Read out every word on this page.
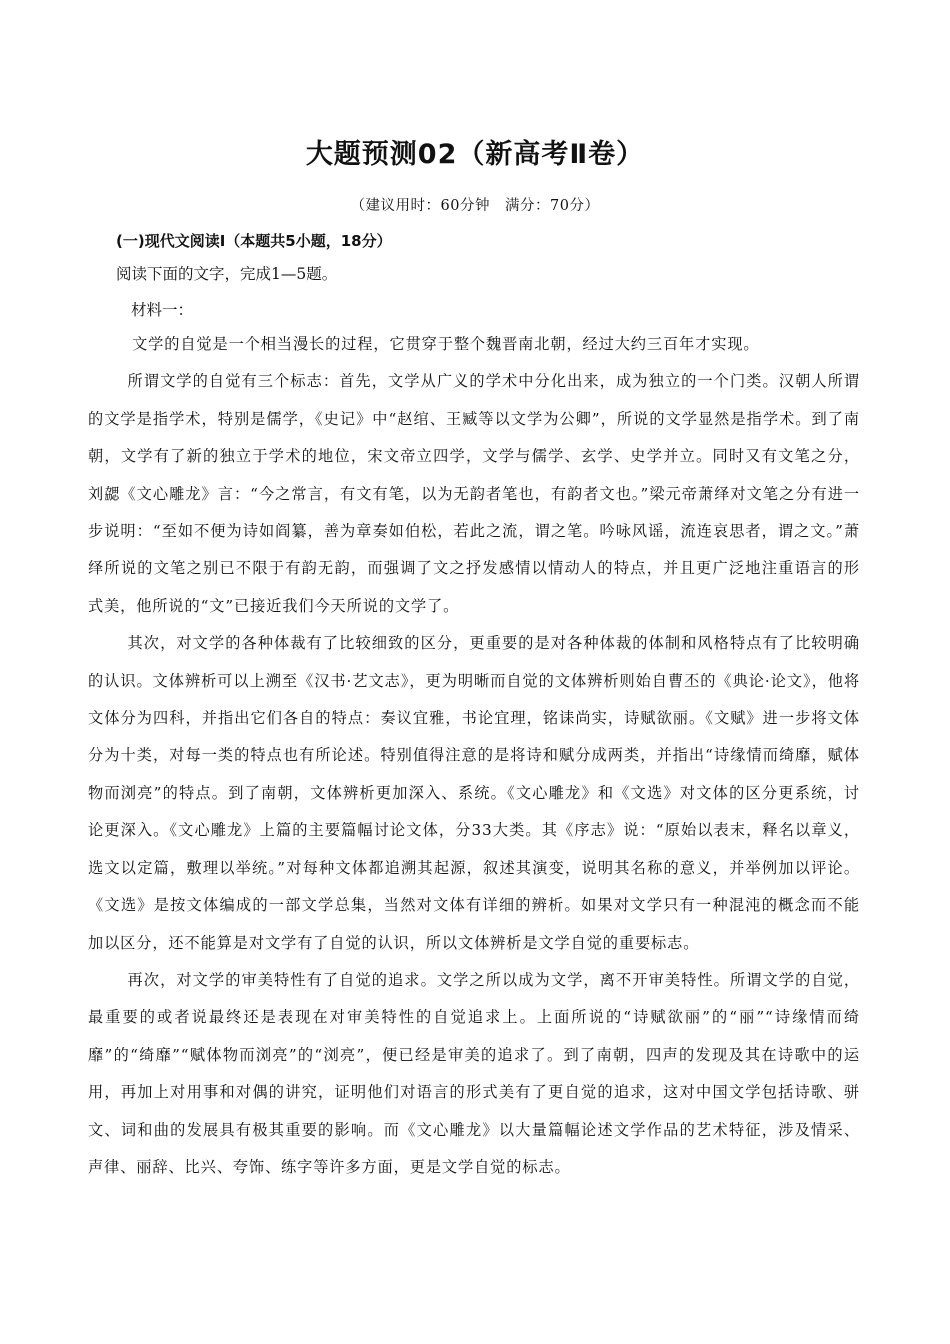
大题预测02（新高考Ⅱ卷）
（建议用时：60分钟　满分：70分）
(一)现代文阅读Ⅰ（本题共5小题，18分）
阅读下面的文字，完成1—5题。
材料一：

文学的自觉是一个相当漫长的过程，它贯穿于整个魏晋南北朝，经过大约三百年才实现。

所谓文学的自觉有三个标志：首先，文学从广义的学术中分化出来，成为独立的一个门类。汉朝人所谓的文学是指学术，特别是儒学，《史记》中“赵绾、王臧等以文学为公卿”，所说的文学显然是指学术。到了南朝，文学有了新的独立于学术的地位，宋文帝立四学，文学与儒学、玄学、史学并立。同时又有文笔之分，刘勰《文心雕龙》言：“今之常言，有文有笔，以为无韵者笔也，有韵者文也。”梁元帝萧绎对文笔之分有进一步说明：“至如不便为诗如阎纂，善为章奏如伯松，若此之流，谓之笔。吟咏风谣，流连哀思者，谓之文。”萧绎所说的文笔之别已不限于有韵无韵，而强调了文之抒发感情以情动人的特点，并且更广泛地注重语言的形式美，他所说的“文”已接近我们今天所说的文学了。

其次，对文学的各种体裁有了比较细致的区分，更重要的是对各种体裁的体制和风格特点有了比较明确的认识。文体辨析可以上溯至《汉书·艺文志》，更为明晰而自觉的文体辨析则始自曹丕的《典论·论文》，他将文体分为四科，并指出它们各自的特点：奏议宜雅，书论宜理，铭诔尚实，诗赋欲丽。《文赋》进一步将文体分为十类，对每一类的特点也有所论述。特别值得注意的是将诗和赋分成两类，并指出“诗缘情而绮靡，赋体物而浏亮”的特点。到了南朝，文体辨析更加深入、系统。《文心雕龙》和《文选》对文体的区分更系统，讨论更深入。《文心雕龙》上篇的主要篇幅讨论文体，分33大类。其《序志》说：“原始以表末，释名以章义，选文以定篇，敷理以举统。”对每种文体都追溯其起源，叙述其演变，说明其名称的意义，并举例加以评论。《文选》是按文体编成的一部文学总集，当然对文体有详细的辨析。如果对文学只有一种混沌的概念而不能加以区分，还不能算是对文学有了自觉的认识，所以文体辨析是文学自觉的重要标志。

再次，对文学的审美特性有了自觉的追求。文学之所以成为文学，离不开审美特性。所谓文学的自觉，最重要的或者说最终还是表现在对审美特性的自觉追求上。上面所说的“诗赋欲丽”的“丽”“诗缘情而绮靡”的“绮靡”“赋体物而浏亮”的“浏亮”，便已经是审美的追求了。到了南朝，四声的发现及其在诗歌中的运用，再加上对用事和对偶的讲究，证明他们对语言的形式美有了更自觉的追求，这对中国文学包括诗歌、骈文、词和曲的发展具有极其重要的影响。而《文心雕龙》以大量篇幅论述文学作品的艺术特征，涉及情采、声律、丽辞、比兴、夸饰、练字等许多方面，更是文学自觉的标志。
